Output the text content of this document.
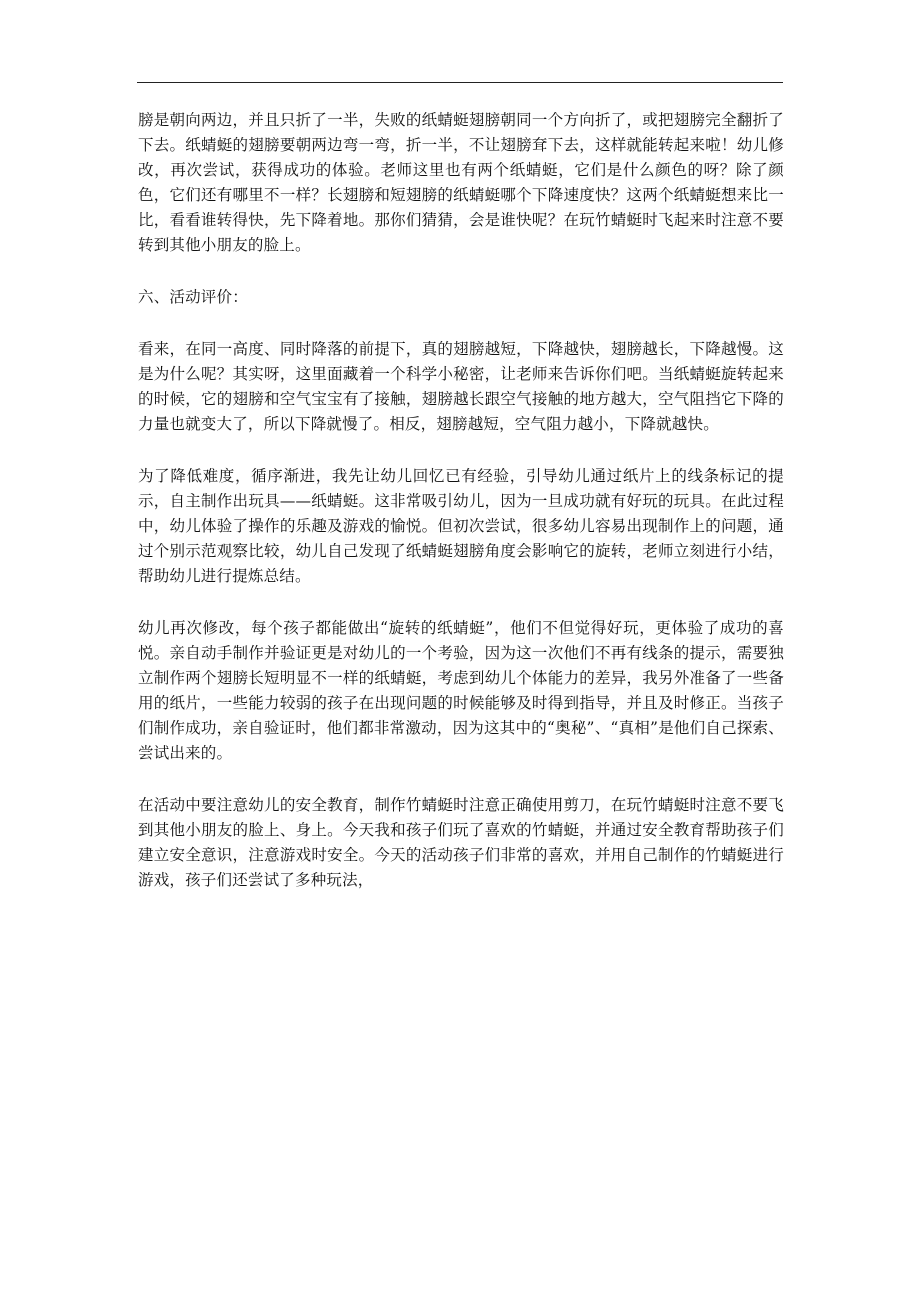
膀是朝向两边，并且只折了一半，失败的纸蜻蜓翅膀朝同一个方向折了，或把翅膀完全翻折了下去。纸蜻蜓的翅膀要朝两边弯一弯，折一半，不让翅膀耷下去，这样就能转起来啦！幼儿修改，再次尝试，获得成功的体验。老师这里也有两个纸蜻蜓，它们是什么颜色的呀？除了颜色，它们还有哪里不一样？长翅膀和短翅膀的纸蜻蜓哪个下降速度快？这两个纸蜻蜓想来比一比，看看谁转得快，先下降着地。那你们猜猜，会是谁快呢？在玩竹蜻蜓时飞起来时注意不要转到其他小朋友的脸上。

六、活动评价：

看来，在同一高度、同时降落的前提下，真的翅膀越短，下降越快，翅膀越长，下降越慢。这是为什么呢？其实呀，这里面藏着一个科学小秘密，让老师来告诉你们吧。当纸蜻蜓旋转起来的时候，它的翅膀和空气宝宝有了接触，翅膀越长跟空气接触的地方越大，空气阻挡它下降的力量也就变大了，所以下降就慢了。相反，翅膀越短，空气阻力越小，下降就越快。

为了降低难度，循序渐进，我先让幼儿回忆已有经验，引导幼儿通过纸片上的线条标记的提示，自主制作出玩具——纸蜻蜓。这非常吸引幼儿，因为一旦成功就有好玩的玩具。在此过程中，幼儿体验了操作的乐趣及游戏的愉悦。但初次尝试，很多幼儿容易出现制作上的问题，通过个别示范观察比较，幼儿自己发现了纸蜻蜓翅膀角度会影响它的旋转，老师立刻进行小结，帮助幼儿进行提炼总结。

幼儿再次修改，每个孩子都能做出“旋转的纸蜻蜓”，他们不但觉得好玩，更体验了成功的喜悦。亲自动手制作并验证更是对幼儿的一个考验，因为这一次他们不再有线条的提示，需要独立制作两个翅膀长短明显不一样的纸蜻蜓，考虑到幼儿个体能力的差异，我另外准备了一些备用的纸片，一些能力较弱的孩子在出现问题的时候能够及时得到指导，并且及时修正。当孩子们制作成功，亲自验证时，他们都非常激动，因为这其中的“奥秘”、“真相”是他们自己探索、尝试出来的。

在活动中要注意幼儿的安全教育，制作竹蜻蜓时注意正确使用剪刀，在玩竹蜻蜓时注意不要飞到其他小朋友的脸上、身上。今天我和孩子们玩了喜欢的竹蜻蜓，并通过安全教育帮助孩子们建立安全意识，注意游戏时安全。今天的活动孩子们非常的喜欢，并用自己制作的竹蜻蜓进行游戏，孩子们还尝试了多种玩法，
